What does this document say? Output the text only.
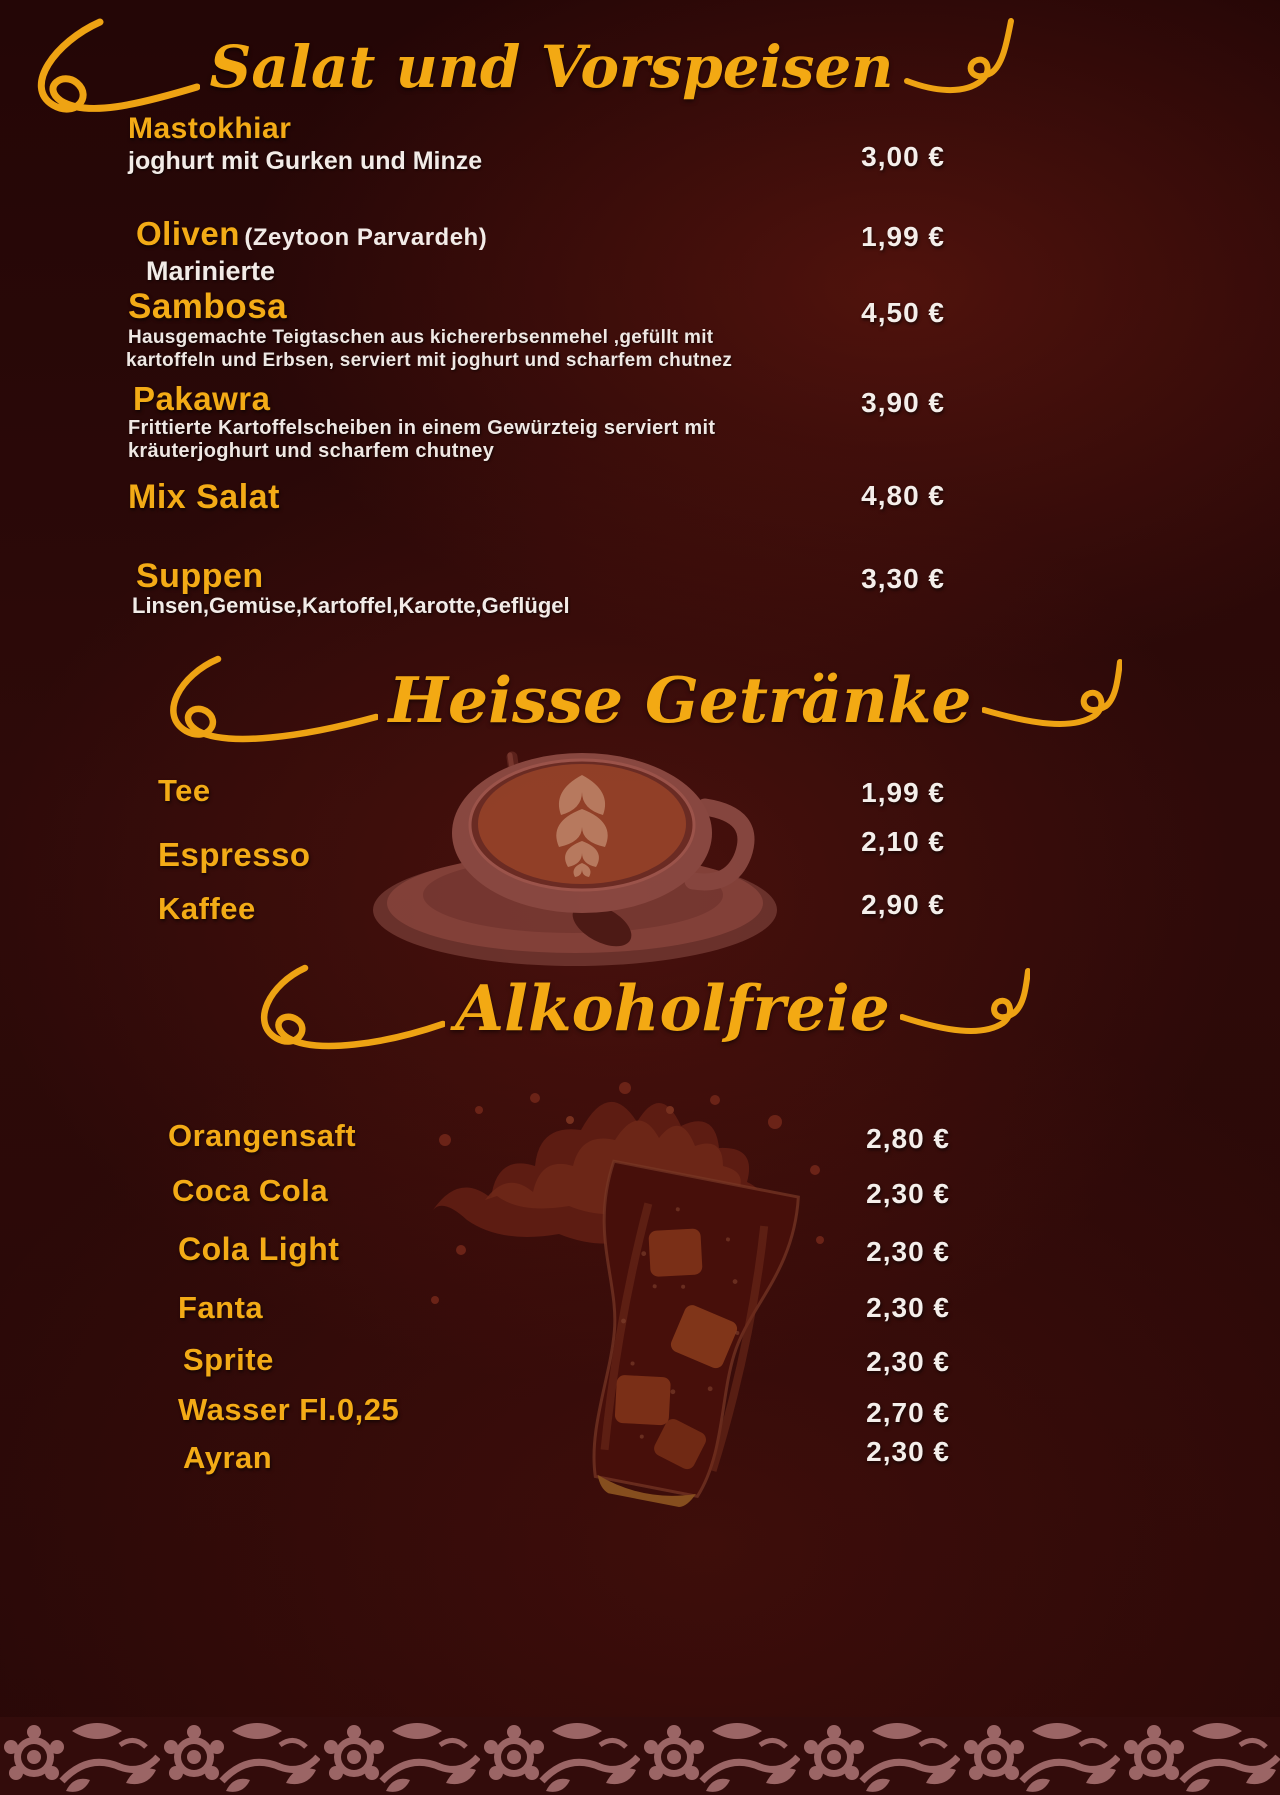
Salat und Vorspeisen
Mastokhiar
joghurt mit Gurken und Minze	3,00 €
Oliven (Zeytoon Parvardeh)	1,99 €
Marinierte
Sambosa	4,50 €
Hausgemachte Teigtaschen aus kichererbsenmehel ,gefüllt mit
kartoffeln und Erbsen, serviert mit joghurt und scharfem chutnez
Pakawra	3,90 €
Frittierte Kartoffelscheiben in einem Gewürzteig serviert mit
kräuterjoghurt und scharfem chutney
Mix Salat	4,80 €
Suppen	3,30 €
Linsen,Gemüse,Kartoffel,Karotte,Geflügel
Heisse Getränke
Tee	1,99 €
Espresso	2,10 €
Kaffee	2,90 €
Alkoholfreie
Orangensaft	2,80 €
Coca Cola	2,30 €
Cola Light	2,30 €
Fanta	2,30 €
Sprite	2,30 €
Wasser Fl.0,25	2,70 €
Ayran	2,30 €
